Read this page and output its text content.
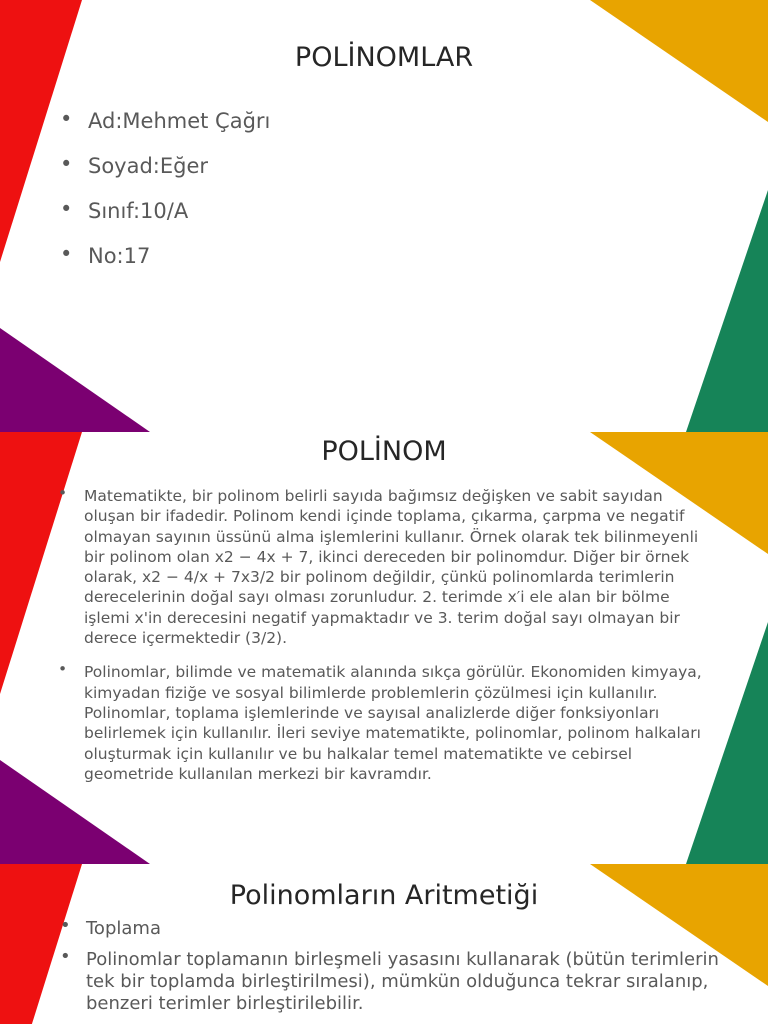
POLİNOMLAR
• Ad:Mehmet Çağrı
• Soyad:Eğer
• Sınıf:10/A
• No:17
POLİNOM
• Matematikte, bir polinom belirli sayıda bağımsız değişken ve sabit sayıdan oluşan bir ifadedir. Polinom kendi içinde toplama, çıkarma, çarpma ve negatif olmayan sayının üssünü alma işlemlerini kullanır. Örnek olarak tek bilinmeyenli bir polinom olan x2 − 4x + 7, ikinci dereceden bir polinomdur. Diğer bir örnek olarak, x2 − 4/x + 7x3/2 bir polinom değildir, çünkü polinomlarda terimlerin derecelerinin doğal sayı olması zorunludur. 2. terimde x′i ele alan bir bölme işlemi x'in derecesini negatif yapmaktadır ve 3. terim doğal sayı olmayan bir derece içermektedir (3/2).
• Polinomlar, bilimde ve matematik alanında sıkça görülür. Ekonomiden kimyaya, kimyadan fiziğe ve sosyal bilimlerde problemlerin çözülmesi için kullanılır. Polinomlar, toplama işlemlerinde ve sayısal analizlerde diğer fonksiyonları belirlemek için kullanılır. İleri seviye matematikte, polinomlar, polinom halkaları oluşturmak için kullanılır ve bu halkalar temel matematikte ve cebirsel geometride kullanılan merkezi bir kavramdır.
Polinomların Aritmetiği
• Toplama
• Polinomlar toplamanın birleşmeli yasasını kullanarak (bütün terimlerin tek bir toplamda birleştirilmesi), mümkün olduğunca tekrar sıralanıp, benzeri terimler birleştirilebilir.
